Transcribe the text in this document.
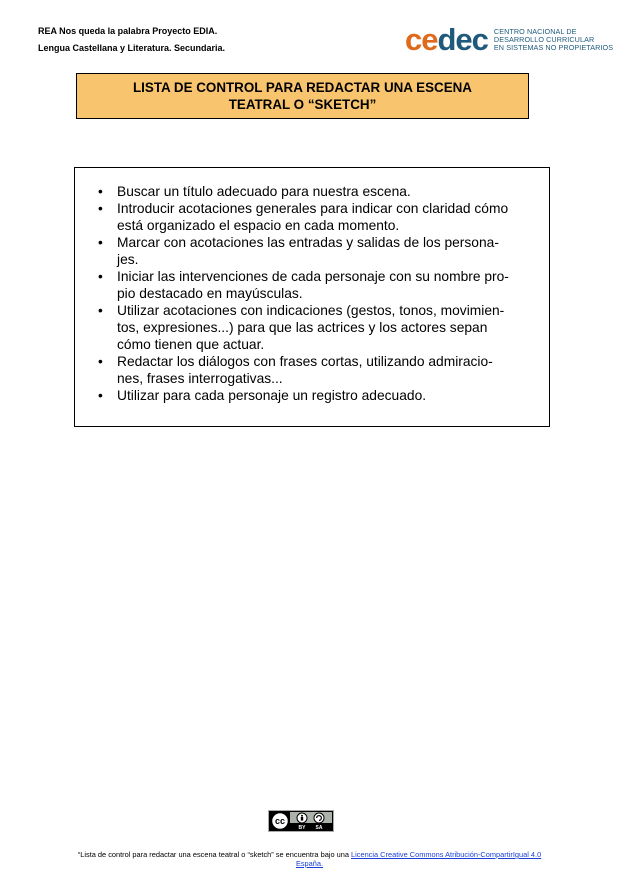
REA Nos queda la palabra Proyecto EDIA.
Lengua Castellana y Literatura. Secundaria.	cedec CENTRO NACIONAL DE
DESARROLLO CURRICULAR
EN SISTEMAS NO PROPIETARIOS
LISTA DE CONTROL PARA REDACTAR UNA ESCENA
TEATRAL O “SKETCH”
• Buscar un título adecuado para nuestra escena.
• Introducir acotaciones generales para indicar con claridad cómo
está organizado el espacio en cada momento.
• Marcar con acotaciones las entradas y salidas de los persona-
jes.
• Iniciar las intervenciones de cada personaje con su nombre pro-
pio destacado en mayúsculas.
• Utilizar acotaciones con indicaciones (gestos, tonos, movimien-
tos, expresiones...) para que las actrices y los actores sepan
cómo tienen que actuar.
• Redactar los diálogos con frases cortas, utilizando admiracio-
nes, frases interrogativas...
• Utilizar para cada personaje un registro adecuado.
cc
BY SA
“Lista de control para redactar una escena teatral o “sketch” se encuentra bajo una Licencia Creative Commons Atribución-CompartirIgual 4.0
España.
